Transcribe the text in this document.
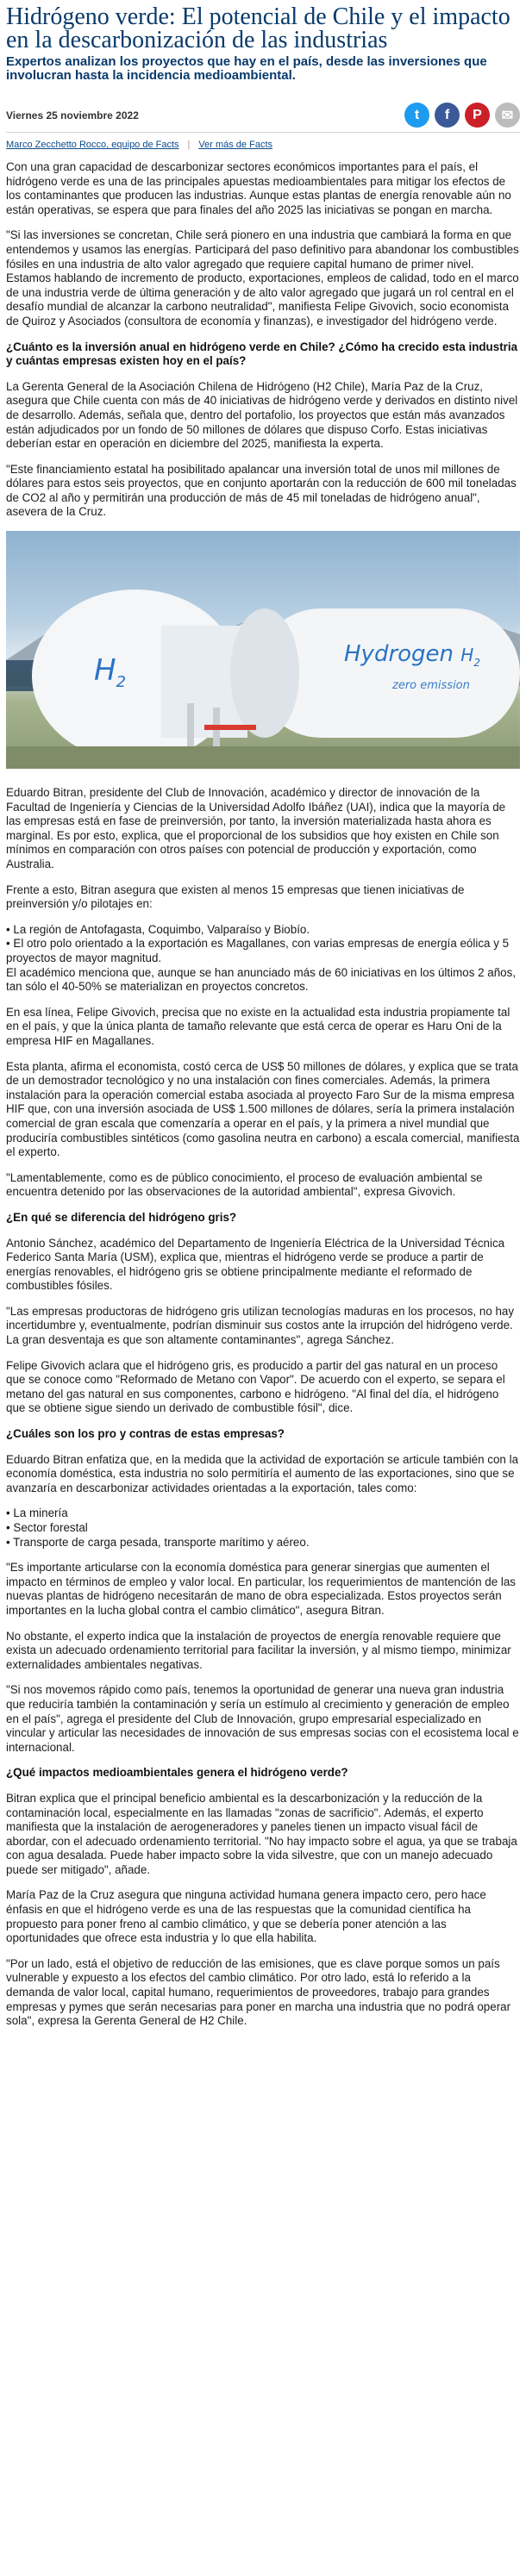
Hidrógeno verde: El potencial de Chile y el impacto en la descarbonización de las industrias
Expertos analizan los proyectos que hay en el país, desde las inversiones que involucran hasta la incidencia medioambiental.
Viernes 25 noviembre 2022	t	f	P	✉
Marco Zecchetto Rocco, equipo de Facts | Ver más de Facts

Con una gran capacidad de descarbonizar sectores económicos importantes para el país, el hidrógeno verde es una de las principales apuestas medioambientales para mitigar los efectos de los contaminantes que producen las industrias. Aunque estas plantas de energía renovable aún no están operativas, se espera que para finales del año 2025 las iniciativas se pongan en marcha.

"Si las inversiones se concretan, Chile será pionero en una industria que cambiará la forma en que entendemos y usamos las energías. Participará del paso definitivo para abandonar los combustibles fósiles en una industria de alto valor agregado que requiere capital humano de primer nivel. Estamos hablando de incremento de producto, exportaciones, empleos de calidad, todo en el marco de una industria verde de última generación y de alto valor agregado que jugará un rol central en el desafío mundial de alcanzar la carbono neutralidad", manifiesta Felipe Givovich, socio economista de Quiroz y Asociados (consultora de economía y finanzas), e investigador del hidrógeno verde.

¿Cuánto es la inversión anual en hidrógeno verde en Chile? ¿Cómo ha crecido esta industria y cuántas empresas existen hoy en el país?

La Gerenta General de la Asociación Chilena de Hidrógeno (H2 Chile), María Paz de la Cruz, asegura que Chile cuenta con más de 40 iniciativas de hidrógeno verde y derivados en distinto nivel de desarrollo. Además, señala que, dentro del portafolio, los proyectos que están más avanzados están adjudicados por un fondo de 50 millones de dólares que dispuso Corfo. Estas iniciativas deberían estar en operación en diciembre del 2025, manifiesta la experta.

"Este financiamiento estatal ha posibilitado apalancar una inversión total de unos mil millones de dólares para estos seis proyectos, que en conjunto aportarán con la reducción de 600 mil toneladas de CO2 al año y permitirán una producción de más de 45 mil toneladas de hidrógeno anual", asevera de la Cruz.

$H_2$
Hydrogen $H_2$
zero emission

Eduardo Bitran, presidente del Club de Innovación, académico y director de innovación de la Facultad de Ingeniería y Ciencias de la Universidad Adolfo Ibáñez (UAI), indica que la mayoría de las empresas está en fase de preinversión, por tanto, la inversión materializada hasta ahora es marginal. Es por esto, explica, que el proporcional de los subsidios que hoy existen en Chile son mínimos en comparación con otros países con potencial de producción y exportación, como Australia.

Frente a esto, Bitran asegura que existen al menos 15 empresas que tienen iniciativas de preinversión y/o pilotajes en:

• La región de Antofagasta, Coquimbo, Valparaíso y Biobío.
• El otro polo orientado a la exportación es Magallanes, con varias empresas de energía eólica y 5 proyectos de mayor magnitud.
El académico menciona que, aunque se han anunciado más de 60 iniciativas en los últimos 2 años, tan sólo el 40-50% se materializan en proyectos concretos.

En esa línea, Felipe Givovich, precisa que no existe en la actualidad esta industria propiamente tal en el país, y que la única planta de tamaño relevante que está cerca de operar es Haru Oni de la empresa HIF en Magallanes.

Esta planta, afirma el economista, costó cerca de US$ 50 millones de dólares, y explica que se trata de un demostrador tecnológico y no una instalación con fines comerciales. Además, la primera instalación para la operación comercial estaba asociada al proyecto Faro Sur de la misma empresa HIF que, con una inversión asociada de US$ 1.500 millones de dólares, sería la primera instalación comercial de gran escala que comenzaría a operar en el país, y la primera a nivel mundial que produciría combustibles sintéticos (como gasolina neutra en carbono) a escala comercial, manifiesta el experto.

"Lamentablemente, como es de público conocimiento, el proceso de evaluación ambiental se encuentra detenido por las observaciones de la autoridad ambiental", expresa Givovich.

¿En qué se diferencia del hidrógeno gris?

Antonio Sánchez, académico del Departamento de Ingeniería Eléctrica de la Universidad Técnica Federico Santa María (USM), explica que, mientras el hidrógeno verde se produce a partir de energías renovables, el hidrógeno gris se obtiene principalmente mediante el reformado de combustibles fósiles.

"Las empresas productoras de hidrógeno gris utilizan tecnologías maduras en los procesos, no hay incertidumbre y, eventualmente, podrían disminuir sus costos ante la irrupción del hidrógeno verde. La gran desventaja es que son altamente contaminantes", agrega Sánchez.

Felipe Givovich aclara que el hidrógeno gris, es producido a partir del gas natural en un proceso que se conoce como "Reformado de Metano con Vapor". De acuerdo con el experto, se separa el metano del gas natural en sus componentes, carbono e hidrógeno. "Al final del día, el hidrógeno que se obtiene sigue siendo un derivado de combustible fósil", dice.

¿Cuáles son los pro y contras de estas empresas?

Eduardo Bitran enfatiza que, en la medida que la actividad de exportación se articule también con la economía doméstica, esta industria no solo permitiría el aumento de las exportaciones, sino que se avanzaría en descarbonizar actividades orientadas a la exportación, tales como:

• La minería
• Sector forestal
• Transporte de carga pesada, transporte marítimo y aéreo.

"Es importante articularse con la economía doméstica para generar sinergias que aumenten el impacto en términos de empleo y valor local. En particular, los requerimientos de mantención de las nuevas plantas de hidrógeno necesitarán de mano de obra especializada. Estos proyectos serán importantes en la lucha global contra el cambio climático", asegura Bitran.

No obstante, el experto indica que la instalación de proyectos de energía renovable requiere que exista un adecuado ordenamiento territorial para facilitar la inversión, y al mismo tiempo, minimizar externalidades ambientales negativas.

"Si nos movemos rápido como país, tenemos la oportunidad de generar una nueva gran industria que reduciría también la contaminación y sería un estímulo al crecimiento y generación de empleo en el país", agrega el presidente del Club de Innovación, grupo empresarial especializado en vincular y articular las necesidades de innovación de sus empresas socias con el ecosistema local e internacional.

¿Qué impactos medioambientales genera el hidrógeno verde?

Bitran explica que el principal beneficio ambiental es la descarbonización y la reducción de la contaminación local, especialmente en las llamadas "zonas de sacrificio". Además, el experto manifiesta que la instalación de aerogeneradores y paneles tienen un impacto visual fácil de abordar, con el adecuado ordenamiento territorial. "No hay impacto sobre el agua, ya que se trabaja con agua desalada. Puede haber impacto sobre la vida silvestre, que con un manejo adecuado puede ser mitigado", añade.

María Paz de la Cruz asegura que ninguna actividad humana genera impacto cero, pero hace énfasis en que el hidrógeno verde es una de las respuestas que la comunidad científica ha propuesto para poner freno al cambio climático, y que se debería poner atención a las oportunidades que ofrece esta industria y lo que ella habilita.

"Por un lado, está el objetivo de reducción de las emisiones, que es clave porque somos un país vulnerable y expuesto a los efectos del cambio climático. Por otro lado, está lo referido a la demanda de valor local, capital humano, requerimientos de proveedores, trabajo para grandes empresas y pymes que serán necesarias para poner en marcha una industria que no podrá operar sola", expresa la Gerenta General de H2 Chile.
